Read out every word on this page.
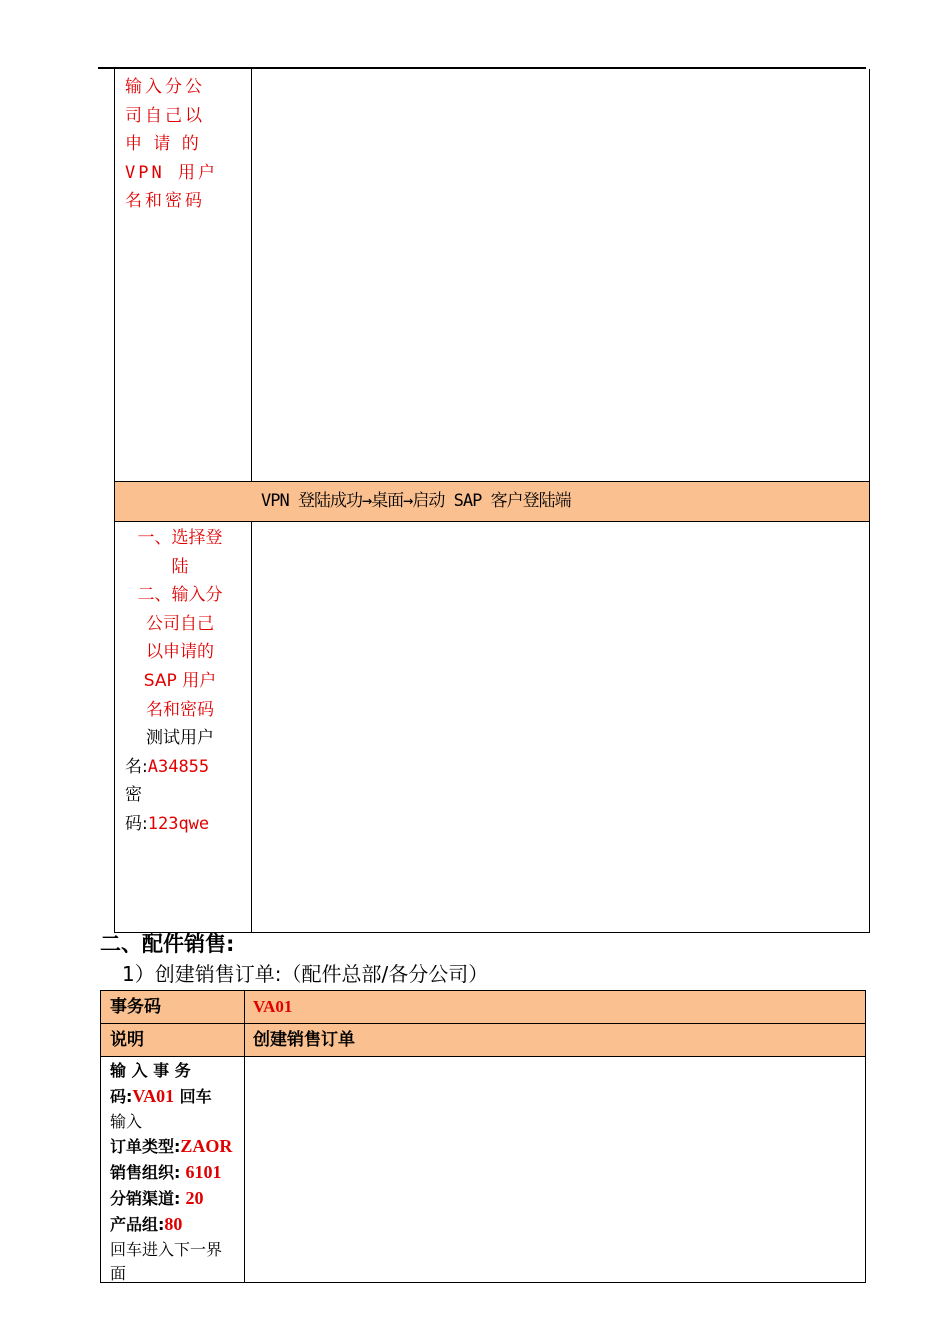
输入分公
司自己以
申 请 的
VPN 用户
名和密码
VPN 登陆成功→桌面→启动 SAP 客户登陆端
一、选择登
陆
二、输入分
公司自己
以申请的
SAP 用户
名和密码
测试用户
名:A34855
密
码:123qwe
二、配件销售:
1）创建销售订单:（配件总部/各分公司）
事务码	VA01
说明	创建销售订单
输 入 事 务
码:VA01 回车
输入
订单类型:ZAOR
销售组织: 6101
分销渠道: 20
产品组:80
回车进入下一界
面
